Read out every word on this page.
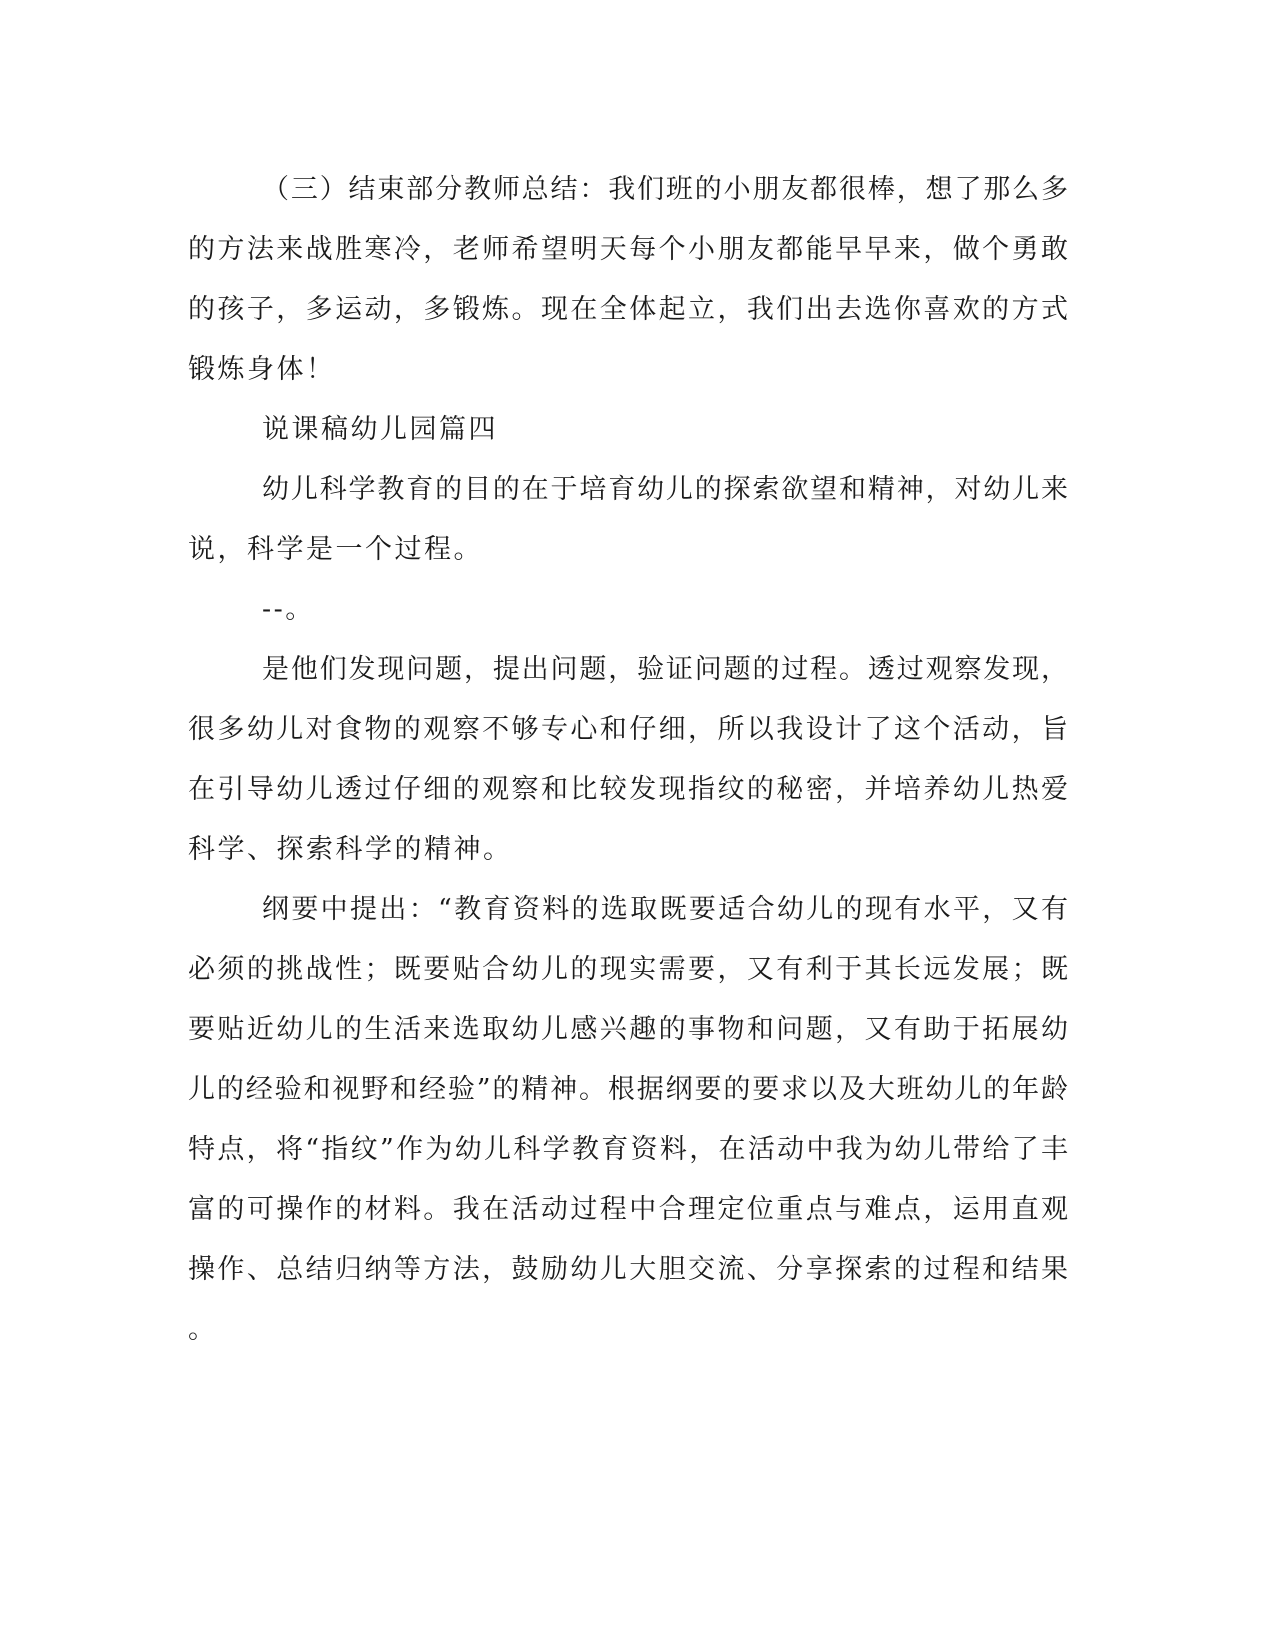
（三）结束部分教师总结：我们班的小朋友都很棒，想了那么多
的方法来战胜寒冷，老师希望明天每个小朋友都能早早来，做个勇敢
的孩子，多运动，多锻炼。现在全体起立，我们出去选你喜欢的方式
锻炼身体！
说课稿幼儿园篇四
幼儿科学教育的目的在于培育幼儿的探索欲望和精神，对幼儿来
说，科学是一个过程。
--。
是他们发现问题，提出问题，验证问题的过程。透过观察发现，
很多幼儿对食物的观察不够专心和仔细，所以我设计了这个活动，旨
在引导幼儿透过仔细的观察和比较发现指纹的秘密，并培养幼儿热爱
科学、探索科学的精神。
纲要中提出：“教育资料的选取既要适合幼儿的现有水平，又有
必须的挑战性；既要贴合幼儿的现实需要，又有利于其长远发展；既
要贴近幼儿的生活来选取幼儿感兴趣的事物和问题，又有助于拓展幼
儿的经验和视野和经验”的精神。根据纲要的要求以及大班幼儿的年龄
特点，将“指纹”作为幼儿科学教育资料，在活动中我为幼儿带给了丰
富的可操作的材料。我在活动过程中合理定位重点与难点，运用直观
操作、总结归纳等方法，鼓励幼儿大胆交流、分享探索的过程和结果
。
